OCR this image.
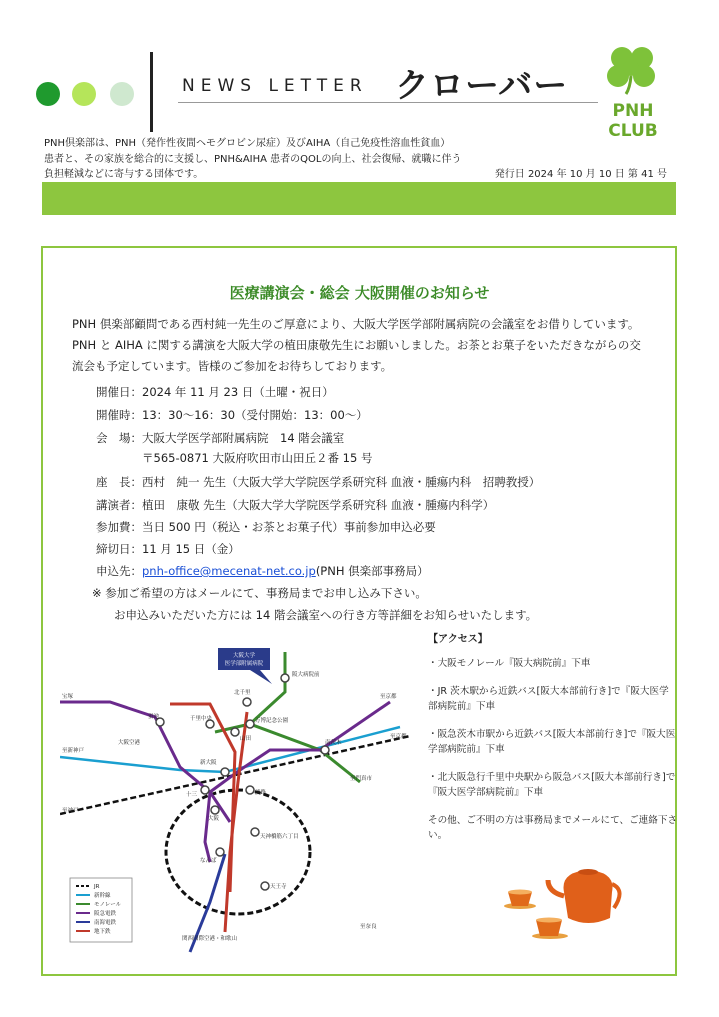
NEWS LETTER クローバー
PNH
CLUB
PNH倶楽部は、PNH（発作性夜間ヘモグロビン尿症）及びAIHA（自己免疫性溶血性貧血）
患者と、その家族を総合的に支援し、PNH&AIHA 患者のQOLの向上、社会復帰、就職に伴う
負担軽減などに寄与する団体です。	発行日 2024 年 10 月 10 日 第 41 号
医療講演会・総会 大阪開催のお知らせ
PNH 倶楽部顧問である西村純一先生のご厚意により、大阪大学医学部附属病院の会議室をお借りしています。PNH と AIHA に関する講演を大阪大学の植田康敬先生にお願いしました。お茶とお菓子をいただきながらの交流会も予定しています。皆様のご参加をお待ちしております。
開催日：2024 年 11 月 23 日（土曜・祝日）
開催時：13：30〜16：30（受付開始：13：00〜）
会　場：大阪大学医学部附属病院　14 階会議室
〒565-0871 大阪府吹田市山田丘２番 15 号
座　長：西村　純一 先生（大阪大学大学院医学系研究科 血液・腫瘍内科　招聘教授）
講演者：植田　康敬 先生（大阪大学大学院医学系研究科 血液・腫瘍内科学）
参加費：当日 500 円（税込・お茶とお菓子代）事前参加申込必要
締切日：11 月 15 日（金）
申込先：pnh-office@mecenat-net.co.jp(PNH 倶楽部事務局）
※ 参加ご希望の方はメールにて、事務局までお申し込み下さい。
お申込みいただいた方には 14 階会議室への行き方等詳細をお知らせいたします。
大阪大学
医学部附属病院
阪大病院前
北千里
万博記念公園
千里中央
蛍池
大阪空港
山田
南茨木
新大阪
十三	淡路
大阪
なんば
天神橋筋六丁目
天王寺
関西国際空港・和歌山
宝塚
至神戸
至新神戸
至京都
至京都
至門真市
至奈良
JR
新幹線
モノレール
阪急電鉄
南海電鉄
地下鉄
【アクセス】
・大阪モノレール『阪大病院前』下車
・JR 茨木駅から近鉄バス[阪大本部前行き]で『阪大医学部病院前』下車
・阪急茨木市駅から近鉄バス[阪大本部前行き]で『阪大医学部病院前』下車
・北大阪急行千里中央駅から阪急バス[阪大本部前行き]で『阪大医学部病院前』下車
その他、ご不明の方は事務局までメールにて、ご連絡下さい。
